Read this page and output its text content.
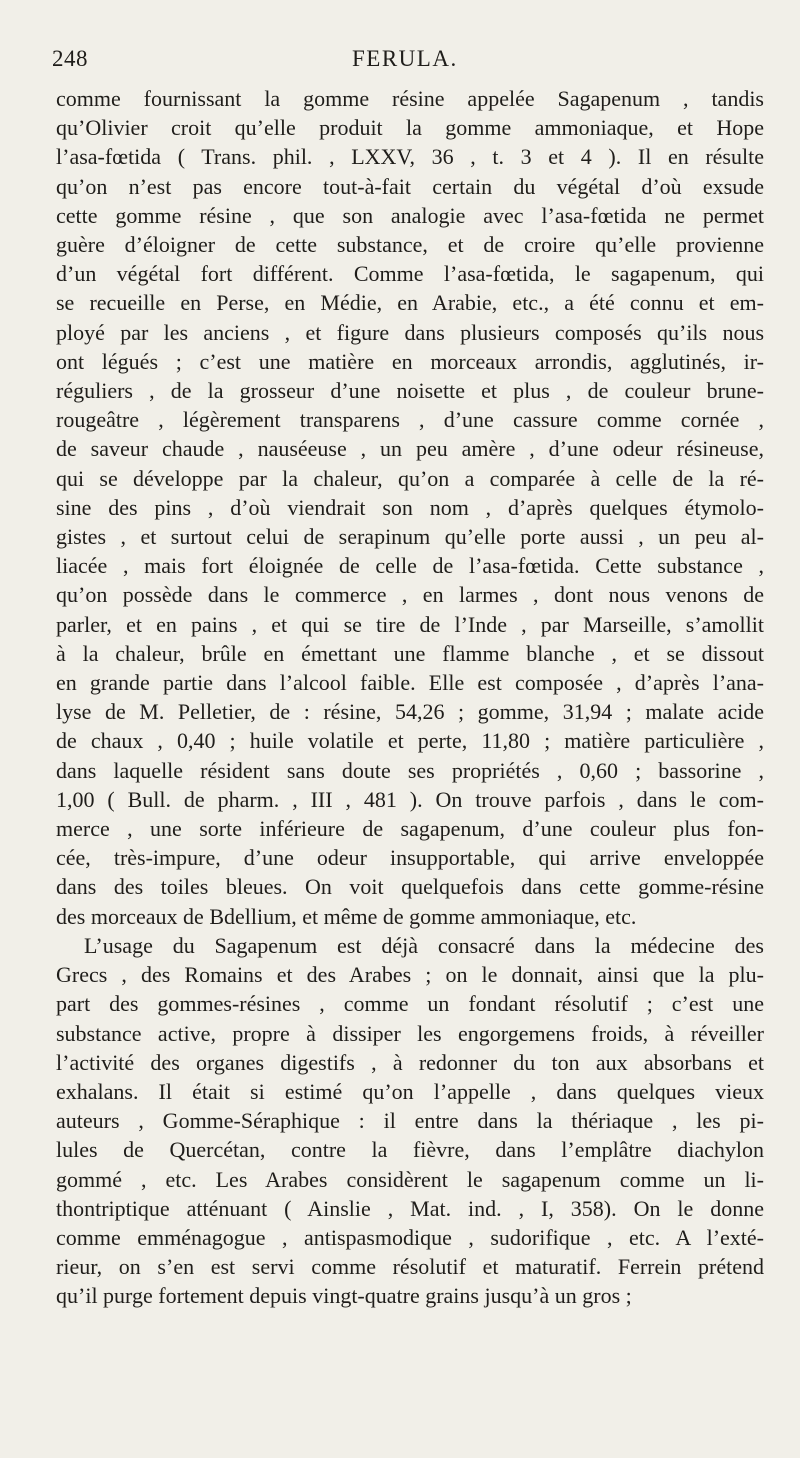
248	FERULA.
comme fournissant la gomme résine appelée Sagapenum , tandis
qu’Olivier croit qu’elle produit la gomme ammoniaque, et Hope
l’asa-fœtida ( Trans. phil. , LXXV, 36 , t. 3 et 4 ). Il en résulte
qu’on n’est pas encore tout-à-fait certain du végétal d’où exsude
cette gomme résine , que son analogie avec l’asa-fœtida ne permet
guère d’éloigner de cette substance, et de croire qu’elle provienne
d’un végétal fort différent. Comme l’asa-fœtida, le sagapenum, qui
se recueille en Perse, en Médie, en Arabie, etc., a été connu et em-
ployé par les anciens , et figure dans plusieurs composés qu’ils nous
ont légués ; c’est une matière en morceaux arrondis, agglutinés, ir-
réguliers , de la grosseur d’une noisette et plus , de couleur brune-
rougeâtre , légèrement transparens , d’une cassure comme cornée ,
de saveur chaude , nauséeuse , un peu amère , d’une odeur résineuse,
qui se développe par la chaleur, qu’on a comparée à celle de la ré-
sine des pins , d’où viendrait son nom , d’après quelques étymolo-
gistes , et surtout celui de serapinum qu’elle porte aussi , un peu al-
liacée , mais fort éloignée de celle de l’asa-fœtida. Cette substance ,
qu’on possède dans le commerce , en larmes , dont nous venons de
parler, et en pains , et qui se tire de l’Inde , par Marseille, s’amollit
à la chaleur, brûle en émettant une flamme blanche , et se dissout
en grande partie dans l’alcool faible. Elle est composée , d’après l’ana-
lyse de M. Pelletier, de : résine, 54,26 ; gomme, 31,94 ; malate acide
de chaux , 0,40 ; huile volatile et perte, 11,80 ; matière particulière ,
dans laquelle résident sans doute ses propriétés , 0,60 ; bassorine ,
1,00 ( Bull. de pharm. , III , 481 ). On trouve parfois , dans le com-
merce , une sorte inférieure de sagapenum, d’une couleur plus fon-
cée, très-impure, d’une odeur insupportable, qui arrive enveloppée
dans des toiles bleues. On voit quelquefois dans cette gomme-résine
des morceaux de Bdellium, et même de gomme ammoniaque, etc.
L’usage du Sagapenum est déjà consacré dans la médecine des
Grecs , des Romains et des Arabes ; on le donnait, ainsi que la plu-
part des gommes-résines , comme un fondant résolutif ; c’est une
substance active, propre à dissiper les engorgemens froids, à réveiller
l’activité des organes digestifs , à redonner du ton aux absorbans et
exhalans. Il était si estimé qu’on l’appelle , dans quelques vieux
auteurs , Gomme-Séraphique : il entre dans la thériaque , les pi-
lules de Quercétan, contre la fièvre, dans l’emplâtre diachylon
gommé , etc. Les Arabes considèrent le sagapenum comme un li-
thontriptique atténuant ( Ainslie , Mat. ind. , I, 358). On le donne
comme emménagogue , antispasmodique , sudorifique , etc. A l’exté-
rieur, on s’en est servi comme résolutif et maturatif. Ferrein prétend
qu’il purge fortement depuis vingt-quatre grains jusqu’à un gros ;
